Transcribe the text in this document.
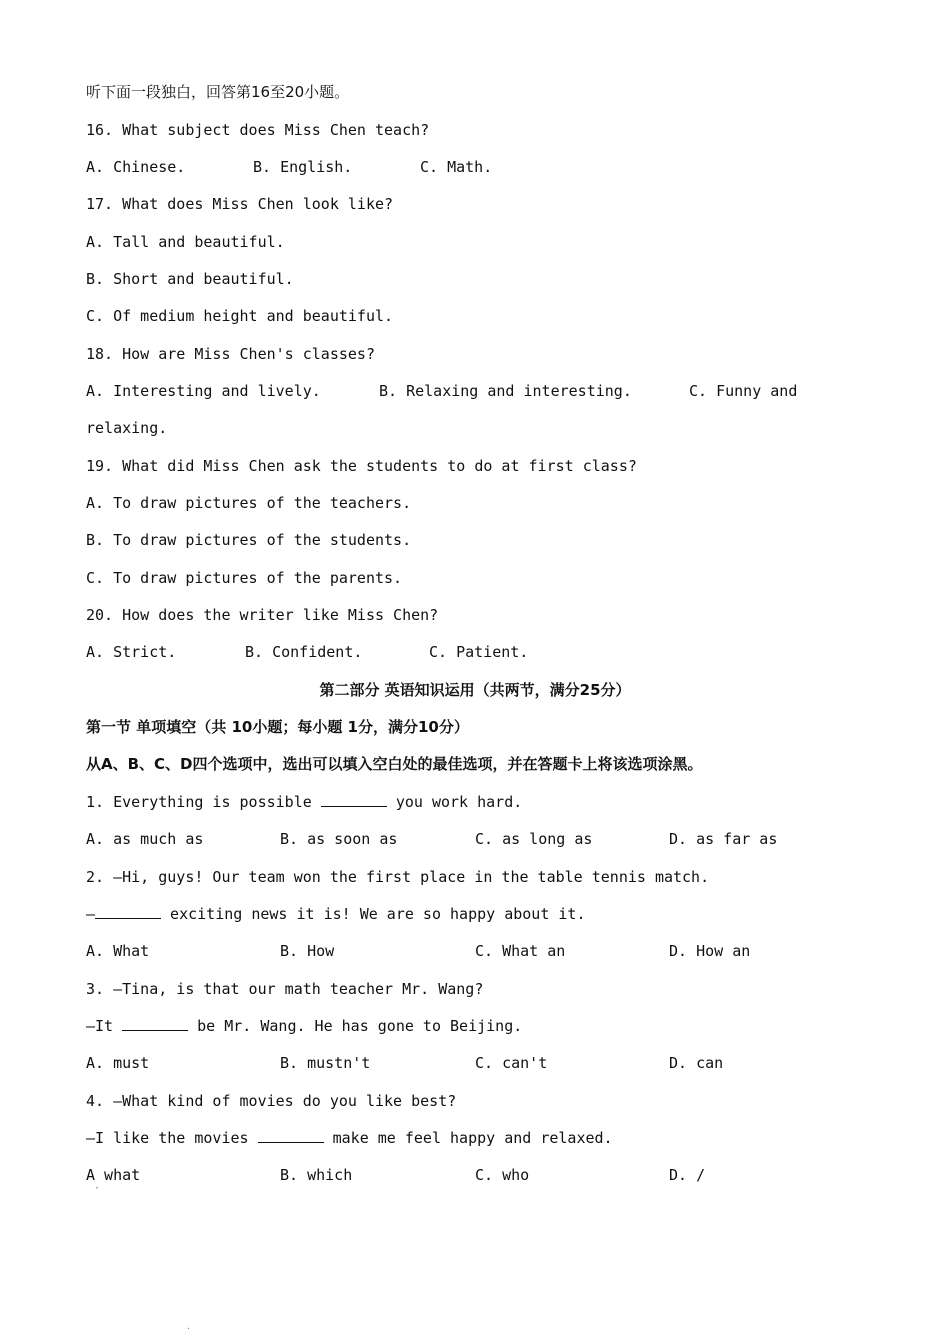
听下面一段独白，回答第16至20小题。
16. What subject does Miss Chen teach?
A. Chinese.	B. English.	C. Math.
17. What does Miss Chen look like?
A. Tall and beautiful.
B. Short and beautiful.
C. Of medium height and beautiful.
18. How are Miss Chen's classes?
A. Interesting and lively.	B. Relaxing and interesting.	C. Funny and
relaxing.
19. What did Miss Chen ask the students to do at first class?
A. To draw pictures of the teachers.
B. To draw pictures of the students.
C. To draw pictures of the parents.
20. How does the writer like Miss Chen?
A. Strict.	B. Confident.	C. Patient.
第二部分 英语知识运用（共两节，满分25分）
第一节 单项填空（共 10小题；每小题 1分，满分10分）
从A、B、C、D四个选项中，选出可以填入空白处的最佳选项，并在答题卡上将该选项涂黑。
1. Everything is possible	you work hard.
A. as much as	B. as soon as	C. as long as	D. as far as
2. —Hi, guys! Our team won the first place in the table tennis match.
—	exciting news it is! We are so happy about it.
A. What	B. How	C. What an	D. How an
3. —Tina, is that our math teacher Mr. Wang?
—It	be Mr. Wang. He has gone to Beijing.
A. must	B. mustn't	C. can't	D. can
4. —What kind of movies do you like best?
—I like the movies	make me feel happy and relaxed.
A what	B. which	C. who	D. /
·
·
